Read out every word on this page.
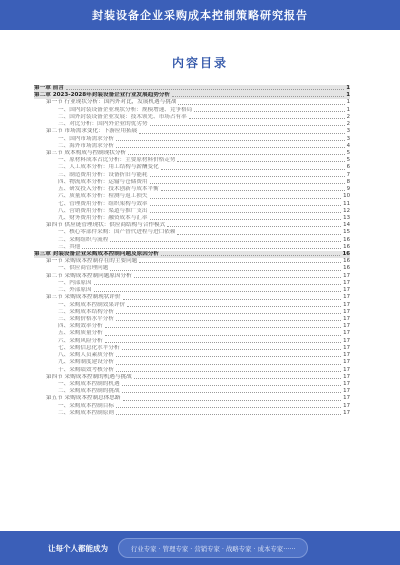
封装设备企业采购成本控制策略研究报告
内容目录
第一章 前言	1
第二章 2023-2028年封装设备企业行业发展趋势分析	1
第一节 行业现状分析：国内外对比，发展机遇与挑战	1
一、国内封装设备企业现状分析：规模增速、竞争格局	1
二、国外封装设备企业发展：技术领先、市场占有率	2
三、对比分析：国内外企业的优劣势	2
第二节 市场需求变化：下游应用拓展	3
一、国内市场需求分析	3
二、海外市场需求分析	4
第三节 成本构成与控制现状分析	5
一、原材料成本占比分析：主要原材料价格走势	5
二、人工成本分析：用工结构与薪酬变化	6
三、制造费用分析：设备折旧与能耗	7
四、物流成本分析：运输与仓储费用	8
五、研发投入分析：技术创新与成本平衡	9
六、质量成本分析：检测与返工损失	10
七、管理费用分析：组织架构与效率	11
八、营销费用分析：渠道与推广支出	12
九、财务费用分析：融资成本与汇率	13
第四节 供应链管理现状：供应商结构与合作模式	14
一、核心零部件采购：国产替代进程与进口依赖	15
二、采购组织与流程	16
三、其他	16
第三章 封装设备企业采购成本控制问题及原因分析	16
第一节 采购成本控制存在的主要问题	16
一、供应商管理问题	16
第二节 采购成本控制问题原因分析	17
一、内部原因	17
二、外部原因	17
第三节 采购成本控制现状评价	17
一、采购成本控制效果评价	17
二、采购成本结构分析	17
三、采购价格水平分析	17
四、采购效率分析	17
五、采购质量分析	17
六、采购风险分析	17
七、采购信息化水平分析	17
八、采购人员素质分析	17
九、采购制度建设分析	17
十、采购绩效考核分析	17
第四节 采购成本控制的机遇与挑战	17
一、采购成本控制的机遇	17
二、采购成本控制的挑战	17
第五节 采购成本控制总体思路	17
一、采购成本控制目标	17
二、采购成本控制原则	17
让每个人都能成为	行业专家 · 管理专家 · 营销专家 · 战略专家 · 成本专家······
